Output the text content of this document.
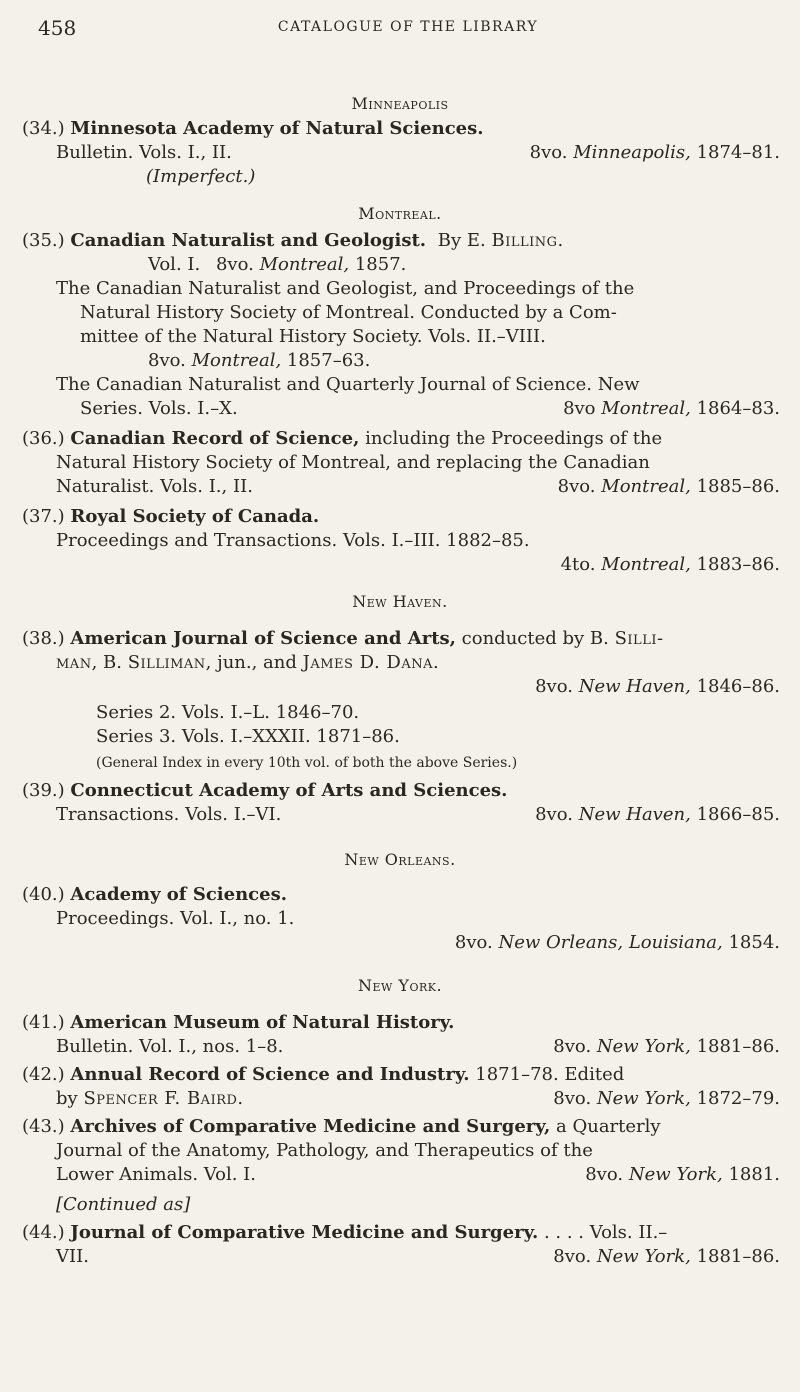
458	CATALOGUE OF THE LIBRARY
Minneapolis
(34.) Minnesota Academy of Natural Sciences.
Bulletin. Vols. I., II.	8vo. Minneapolis, 1874–81.
(Imperfect.)
Montreal.
(35.) Canadian Naturalist and Geologist. By E. Billing.
Vol. I. 8vo. Montreal, 1857.
The Canadian Naturalist and Geologist, and Proceedings of the
Natural History Society of Montreal. Conducted by a Com-
mittee of the Natural History Society. Vols. II.–VIII.
8vo. Montreal, 1857–63.
The Canadian Naturalist and Quarterly Journal of Science. New
Series. Vols. I.–X.	8vo Montreal, 1864–83.
(36.) Canadian Record of Science, including the Proceedings of the
Natural History Society of Montreal, and replacing the Canadian
Naturalist. Vols. I., II.	8vo. Montreal, 1885–86.
(37.) Royal Society of Canada.
Proceedings and Transactions. Vols. I.–III. 1882–85.
4to. Montreal, 1883–86.
New Haven.
(38.) American Journal of Science and Arts, conducted by B. Silli-
man, B. Silliman, jun., and James D. Dana.
8vo. New Haven, 1846–86.
Series 2. Vols. I.–L. 1846–70.
Series 3. Vols. I.–XXXII. 1871–86.
(General Index in every 10th vol. of both the above Series.)
(39.) Connecticut Academy of Arts and Sciences.
Transactions. Vols. I.–VI.	8vo. New Haven, 1866–85.
New Orleans.
(40.) Academy of Sciences.
Proceedings. Vol. I., no. 1.
8vo. New Orleans, Louisiana, 1854.
New York.
(41.) American Museum of Natural History.
Bulletin. Vol. I., nos. 1–8.	8vo. New York, 1881–86.
(42.) Annual Record of Science and Industry. 1871–78. Edited
by Spencer F. Baird.	8vo. New York, 1872–79.
(43.) Archives of Comparative Medicine and Surgery, a Quarterly
Journal of the Anatomy, Pathology, and Therapeutics of the
Lower Animals. Vol. I.	8vo. New York, 1881.
[Continued as]
(44.) Journal of Comparative Medicine and Surgery. . . . . Vols. II.–
VII.	8vo. New York, 1881–86.
